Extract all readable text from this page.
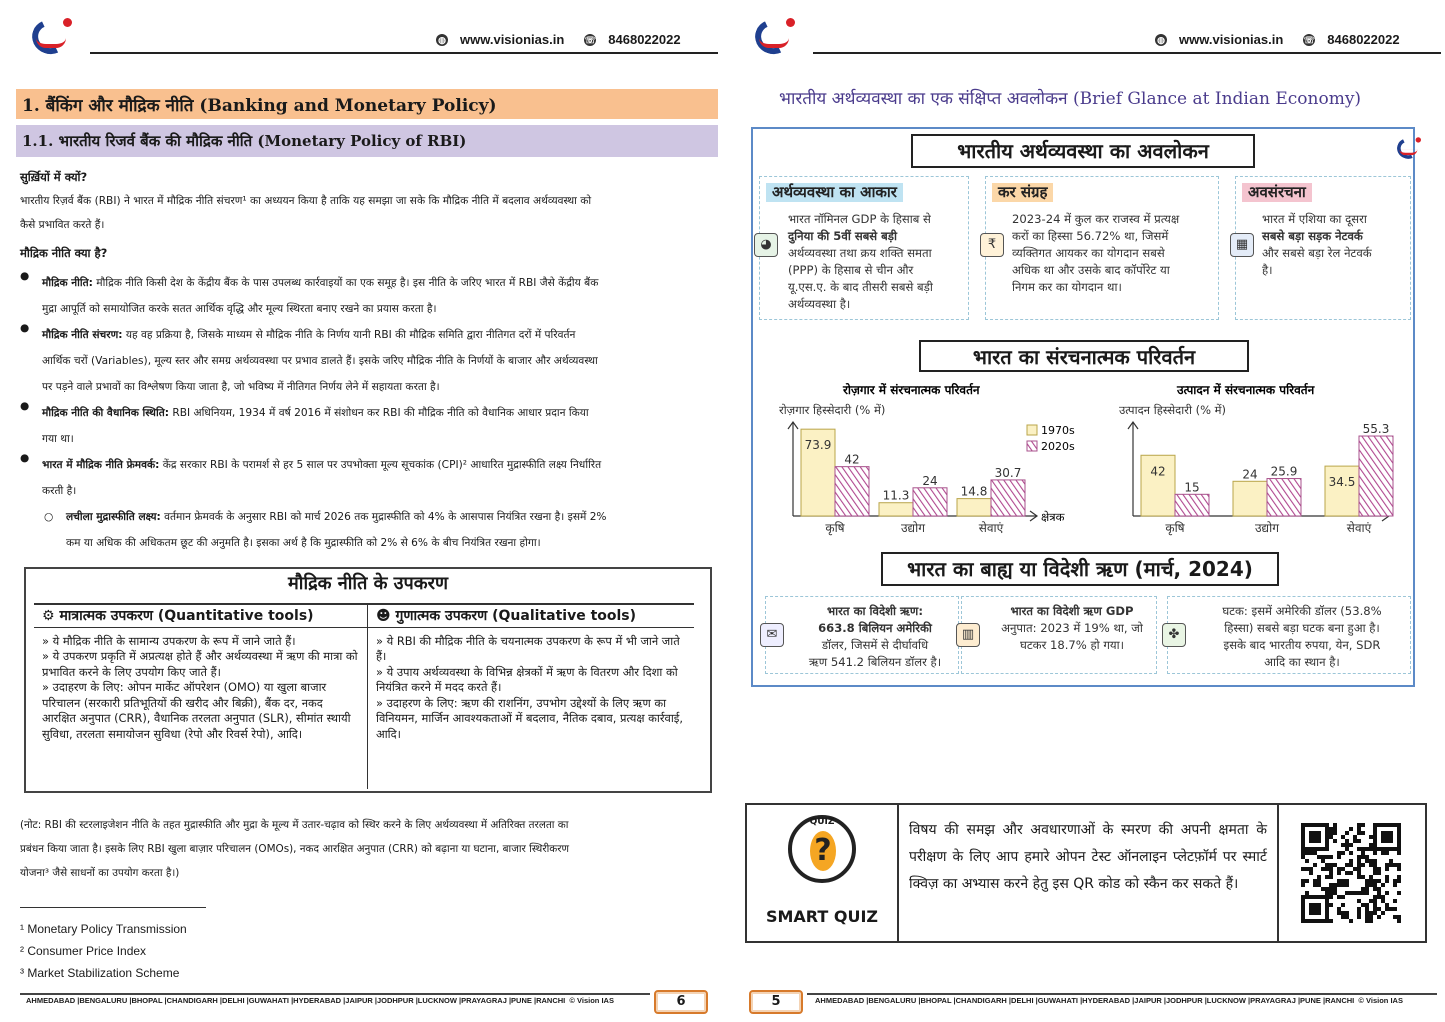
◍ www.visionias.in ☏ 8468022022
1. बैंकिंग और मौद्रिक नीति (Banking and Monetary Policy)
1.1. भारतीय रिजर्व बैंक की मौद्रिक नीति (Monetary Policy of RBI)
सुर्ख़ियों में क्यों?
भारतीय रिज़र्व बैंक (RBI) ने भारत में मौद्रिक नीति संचरण¹ का अध्ययन किया है ताकि यह समझा जा सके कि मौद्रिक नीति में बदलाव अर्थव्यवस्था को
कैसे प्रभावित करते हैं।
मौद्रिक नीति क्या है?
●
मौद्रिक नीति: मौद्रिक नीति किसी देश के केंद्रीय बैंक के पास उपलब्ध कार्रवाइयों का एक समूह है। इस नीति के जरिए भारत में RBI जैसे केंद्रीय बैंक
मुद्रा आपूर्ति को समायोजित करके सतत आर्थिक वृद्धि और मूल्य स्थिरता बनाए रखने का प्रयास करता है।
●
मौद्रिक नीति संचरण: यह वह प्रक्रिया है, जिसके माध्यम से मौद्रिक नीति के निर्णय यानी RBI की मौद्रिक समिति द्वारा नीतिगत दरों में परिवर्तन
आर्थिक चरों (Variables), मूल्य स्तर और समग्र अर्थव्यवस्था पर प्रभाव डालते हैं। इसके जरिए मौद्रिक नीति के निर्णयों के बाजार और अर्थव्यवस्था
पर पड़ने वाले प्रभावों का विश्लेषण किया जाता है, जो भविष्य में नीतिगत निर्णय लेने में सहायता करता है।
●
मौद्रिक नीति की वैधानिक स्थिति: RBI अधिनियम, 1934 में वर्ष 2016 में संशोधन कर RBI की मौद्रिक नीति को वैधानिक आधार प्रदान किया
गया था।
●
भारत में मौद्रिक नीति फ्रेमवर्क: केंद्र सरकार RBI के परामर्श से हर 5 साल पर उपभोक्ता मूल्य सूचकांक (CPI)² आधारित मुद्रास्फीति लक्ष्य निर्धारित
करती है।
○ लचीला मुद्रास्फीति लक्ष्य: वर्तमान फ्रेमवर्क के अनुसार RBI को मार्च 2026 तक मुद्रास्फीति को 4% के आसपास नियंत्रित रखना है। इसमें 2%
कम या अधिक की अधिकतम छूट की अनुमति है। इसका अर्थ है कि मुद्रास्फीति को 2% से 6% के बीच नियंत्रित रखना होगा।
मौद्रिक नीति के उपकरण
⚙ मात्रात्मक उपकरण (Quantitative tools)
» ये मौद्रिक नीति के सामान्य उपकरण के रूप में जाने जाते हैं।
» ये उपकरण प्रकृति में अप्रत्यक्ष होते हैं और अर्थव्यवस्था में ऋण की मात्रा को प्रभावित करने के लिए उपयोग किए जाते हैं।
» उदाहरण के लिए: ओपन मार्केट ऑपरेशन (OMO) या खुला बाजार परिचालन (सरकारी प्रतिभूतियों की खरीद और बिक्री), बैंक दर, नकद आरक्षित अनुपात (CRR), वैधानिक तरलता अनुपात (SLR), सीमांत स्थायी सुविधा, तरलता समायोजन सुविधा (रेपो और रिवर्स रेपो), आदि।
☻ गुणात्मक उपकरण (Qualitative tools)
» ये RBI की मौद्रिक नीति के चयनात्मक उपकरण के रूप में भी जाने जाते हैं।
» ये उपाय अर्थव्यवस्था के विभिन्न क्षेत्रकों में ऋण के वितरण और दिशा को नियंत्रित करने में मदद करते हैं।
» उदाहरण के लिए: ऋण की राशनिंग, उपभोग उद्देश्यों के लिए ऋण का विनियमन, मार्जिन आवश्यकताओं में बदलाव, नैतिक दबाव, प्रत्यक्ष कार्रवाई, आदि।
(नोट: RBI की स्टरलाइजेशन नीति के तहत मुद्रास्फीति और मुद्रा के मूल्य में उतार-चढ़ाव को स्थिर करने के लिए अर्थव्यवस्था में अतिरिक्त तरलता का
प्रबंधन किया जाता है। इसके लिए RBI खुला बाज़ार परिचालन (OMOs), नकद आरक्षित अनुपात (CRR) को बढ़ाना या घटाना, बाजार स्थिरीकरण
योजना³ जैसे साधनों का उपयोग करता है।)
¹ Monetary Policy Transmission
² Consumer Price Index
³ Market Stabilization Scheme
AHMEDABAD |BENGALURU |BHOPAL |CHANDIGARH |DELHI |GUWAHATI |HYDERABAD |JAIPUR |JODHPUR |LUCKNOW |PRAYAGRAJ |PUNE |RANCHI © Vision IAS	6
◍ www.visionias.in ☏ 8468022022
भारतीय अर्थव्यवस्था का एक संक्षिप्त अवलोकन (Brief Glance at Indian Economy)
भारतीय अर्थव्यवस्था का अवलोकन
अर्थव्यवस्था का आकार
◕
भारत नॉमिनल GDP के हिसाब से
दुनिया की 5वीं सबसे बड़ी
अर्थव्यवस्था तथा क्रय शक्ति समता
(PPP) के हिसाब से चीन और
यू.एस.ए. के बाद तीसरी सबसे बड़ी
अर्थव्यवस्था है।
कर संग्रह
₹
2023-24 में कुल कर राजस्व में प्रत्यक्ष
करों का हिस्सा 56.72% था, जिसमें
व्यक्तिगत आयकर का योगदान सबसे
अधिक था और उसके बाद कॉर्पोरेट या
निगम कर का योगदान था।
अवसंरचना
▦
भारत में एशिया का दूसरा
सबसे बड़ा सड़क नेटवर्क
और सबसे बड़ा रेल नेटवर्क
है।
भारत का संरचनात्मक परिवर्तन
रोज़गार में संरचनात्मक परिवर्तन
रोज़गार हिस्सेदारी (% में)
क्षेत्रक
73.9
42
कृषि
11.3
24
उद्योग
14.8
30.7
सेवाएं
1970s
2020s
उत्पादन में संरचनात्मक परिवर्तन
उत्पादन हिस्सेदारी (% में)
42
15
कृषि
24 25.9
उद्योग
34.5
55.3
सेवाएं
भारत का बाह्य या विदेशी ऋण (मार्च, 2024)
✉
भारत का विदेशी ऋण:
663.8 बिलियन अमेरिकी
डॉलर, जिसमें से दीर्घावधि
ऋण 541.2 बिलियन डॉलर है।
▥
भारत का विदेशी ऋण GDP
अनुपात: 2023 में 19% था, जो
घटकर 18.7% हो गया।
✤
घटक: इसमें अमेरिकी डॉलर (53.8%
हिस्सा) सबसे बड़ा घटक बना हुआ है।
इसके बाद भारतीय रुपया, येन, SDR
आदि का स्थान है।
QUIZ
?
SMART QUIZ
विषय की समझ और अवधारणाओं के स्मरण की अपनी क्षमता के परीक्षण के लिए आप हमारे ओपन टेस्ट ऑनलाइन प्लेटफ़ॉर्म पर स्मार्ट क्विज़ का अभ्यास करने हेतु इस QR कोड को स्कैन कर सकते हैं।
5	AHMEDABAD |BENGALURU |BHOPAL |CHANDIGARH |DELHI |GUWAHATI |HYDERABAD |JAIPUR |JODHPUR |LUCKNOW |PRAYAGRAJ |PUNE |RANCHI © Vision IAS
